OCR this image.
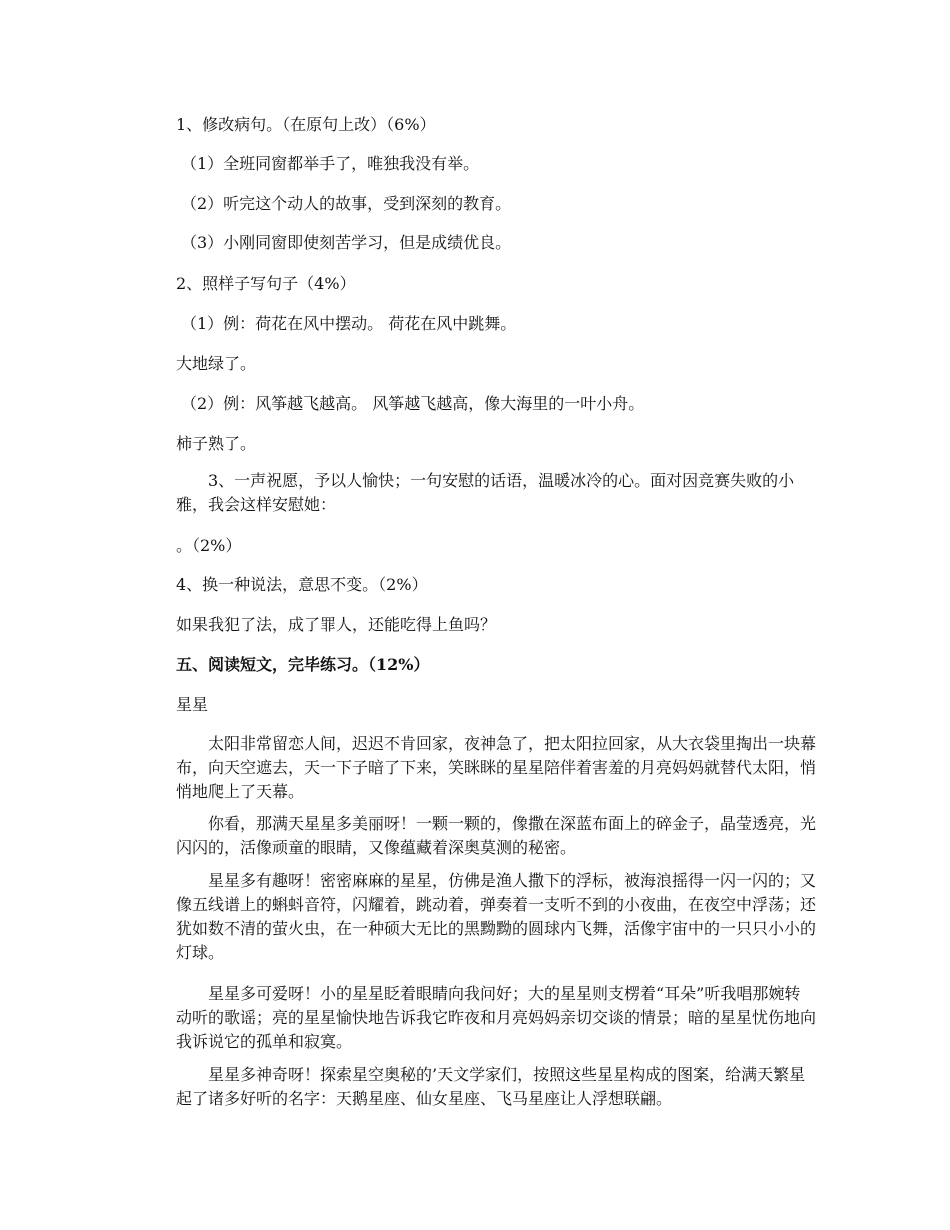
1、修改病句。（在原句上改）（6%）
（1）全班同窗都举手了，唯独我没有举。
（2）听完这个动人的故事，受到深刻的教育。
（3）小刚同窗即使刻苦学习，但是成绩优良。
2、照样子写句子（4%）
（1）例：荷花在风中摆动。 荷花在风中跳舞。
大地绿了。
（2）例：风筝越飞越高。 风筝越飞越高，像大海里的一叶小舟。
柿子熟了。

3、一声祝愿，予以人愉快；一句安慰的话语，温暖冰冷的心。面对因竞赛失败的小雅，我会这样安慰她：

。（2%）
4、换一种说法，意思不变。（2%）
如果我犯了法，成了罪人，还能吃得上鱼吗？
五、阅读短文，完毕练习。（12%）
星星

太阳非常留恋人间，迟迟不肯回家，夜神急了，把太阳拉回家，从大衣袋里掏出一块幕布，向天空遮去，天一下子暗了下来，笑眯眯的星星陪伴着害羞的月亮妈妈就替代太阳，悄悄地爬上了天幕。

你看，那满天星星多美丽呀！一颗一颗的，像撒在深蓝布面上的碎金子，晶莹透亮，光闪闪的，活像顽童的眼睛，又像蕴藏着深奥莫测的秘密。

星星多有趣呀！密密麻麻的星星，仿佛是渔人撒下的浮标，被海浪摇得一闪一闪的；又像五线谱上的蝌蚪音符，闪耀着，跳动着，弹奏着一支听不到的小夜曲，在夜空中浮荡；还犹如数不清的萤火虫，在一种硕大无比的黑黝黝的圆球内飞舞，活像宇宙中的一只只小小的灯球。

星星多可爱呀！小的星星眨着眼睛向我问好；大的星星则支楞着“耳朵”听我唱那婉转动听的歌谣；亮的星星愉快地告诉我它昨夜和月亮妈妈亲切交谈的情景；暗的星星忧伤地向我诉说它的孤单和寂寞。

星星多神奇呀！探索星空奥秘的’天文学家们，按照这些星星构成的图案，给满天繁星起了诸多好听的名字：天鹅星座、仙女星座、飞马星座让人浮想联翩。
